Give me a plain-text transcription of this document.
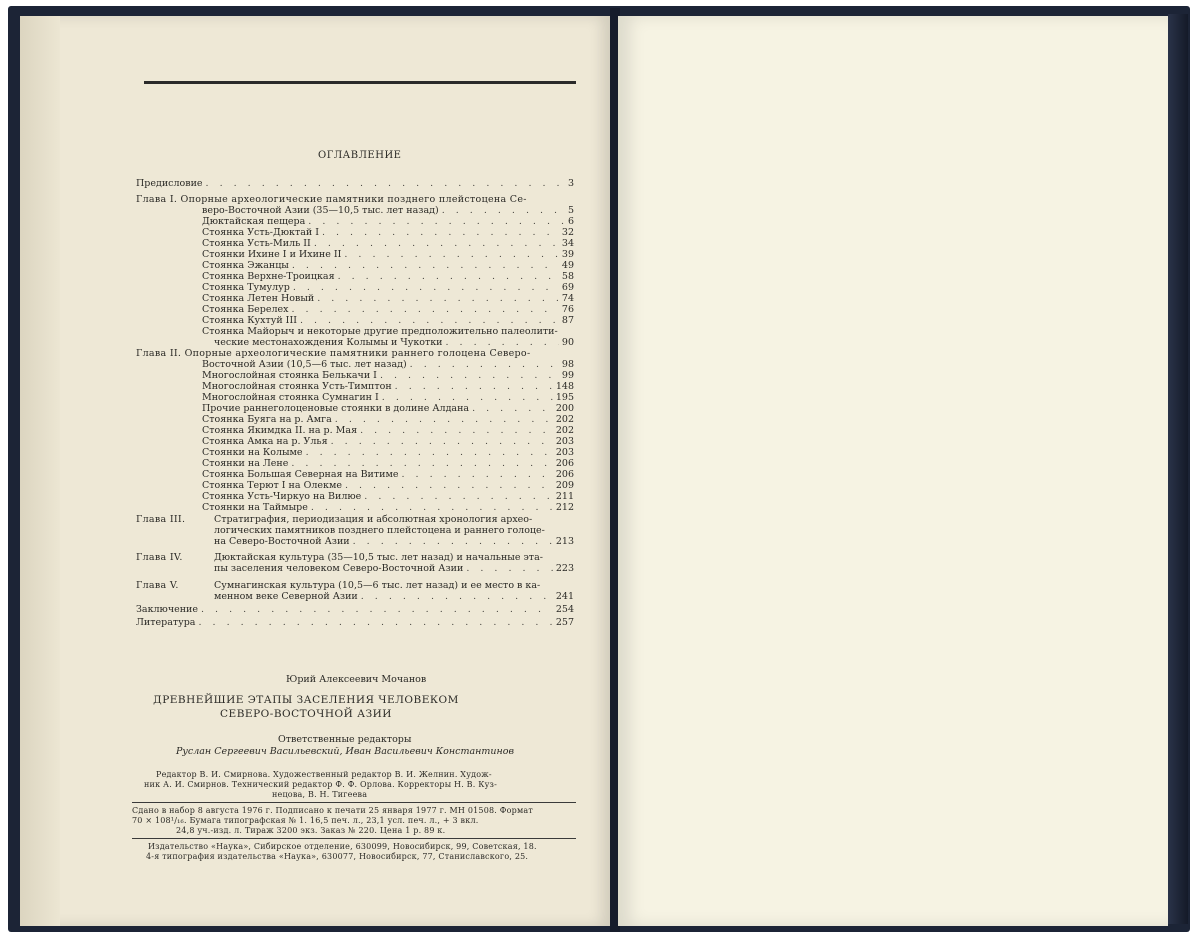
ОГЛАВЛЕНИЕ
Предисловие . . .	3
Глава I. Опорные археологические памятники позднего плейстоцена Се-
веро-Восточной Азии (35—10,5 тыс. лет назад) . . .	5
Дюктайская пещера . . .	6
Стоянка Усть-Дюктай I . . .	32
Стоянка Усть-Миль II . . .	34
Стоянки Ихине I и Ихине II . . .	39
Стоянка Эжанцы . . .	49
Стоянка Верхне-Троицкая . . .	58
Стоянка Тумулур . . .	69
Стоянка Летен Новый . . .	74
Стоянка Берелех . . .	76
Стоянка Кухтуй III . . .	87
Стоянка Майорыч и некоторые другие предположительно палеолити-
ческие местонахождения Колымы и Чукотки . . .	90
Глава II. Опорные археологические памятники раннего голоцена Северо-
Восточной Азии (10,5—6 тыс. лет назад) . . .	98
Многослойная стоянка Белькачи I . . .	99
Многослойная стоянка Усть-Тимптон . . .	148
Многослойная стоянка Сумнагин I . . .	195
Прочие раннеголоценовые стоянки в долине Алдана . . .	200
Стоянка Буяга на р. Амга . . .	202
Стоянка Якимдка II. на р. Мая . . .	202
Стоянка Амка на р. Улья . . .	203
Стоянки на Колыме . . .	203
Стоянки на Лене . . .	206
Стоянка Большая Северная на Витиме . . .	206
Стоянка Терют I на Олекме . . .	209
Стоянка Усть-Чиркуо на Вилюе . . .	211
Стоянки на Таймыре . . .	212
Глава III.	Стратиграфия, периодизация и абсолютная хронология архео-
логических памятников позднего плейстоцена и раннего голоце-
на Северо-Восточной Азии . . .	213
Глава IV.	Дюктайская культура (35—10,5 тыс. лет назад) и начальные эта-
пы заселения человеком Северо-Восточной Азии . . .	223
Глава V.	Сумнагинская культура (10,5—6 тыс. лет назад) и ее место в ка-
менном веке Северной Азии . . .	241
Заключение . . .	254
Литература . . .	257
Юрий Алексеевич Мочанов
ДРЕВНЕЙШИЕ ЭТАПЫ ЗАСЕЛЕНИЯ ЧЕЛОВЕКОМ
СЕВЕРО-ВОСТОЧНОЙ АЗИИ
Ответственные редакторы
Руслан Сергеевич Васильевский, Иван Васильевич Константинов
Редактор В. И. Смирнова. Художественный редактор В. И. Желнин. Худож-
ник А. И. Смирнов. Технический редактор Ф. Ф. Орлова. Корректоры Н. В. Куз-
нецова, В. Н. Тигеева
Сдано в набор 8 августа 1976 г. Подписано к печати 25 января 1977 г. МН 01508. Формат
70 × 108¹/₁₆. Бумага типографская № 1. 16,5 печ. л., 23,1 усл. печ. л., + 3 вкл.
24,8 уч.-изд. л. Тираж 3200 экз. Заказ № 220. Цена 1 р. 89 к.
Издательство «Наука», Сибирское отделение, 630099, Новосибирск, 99, Советская, 18.
4-я типография издательства «Наука», 630077, Новосибирск, 77, Станиславского, 25.
